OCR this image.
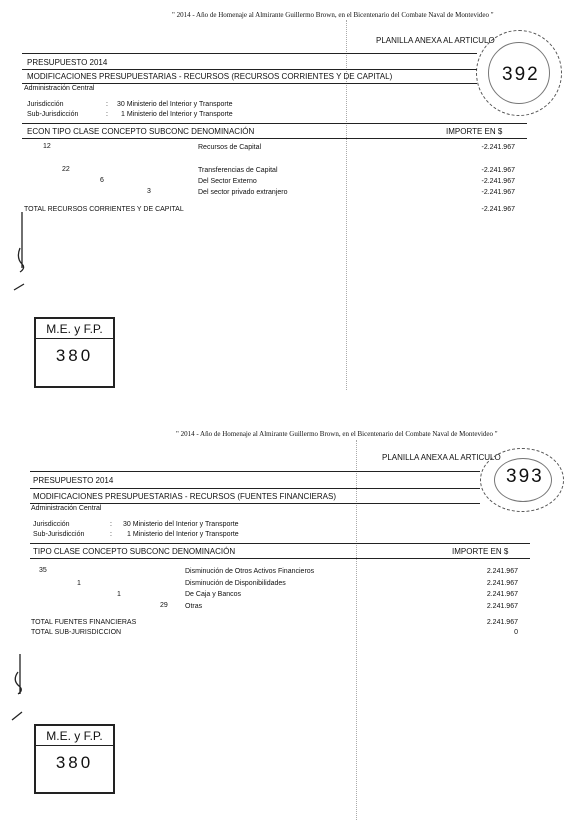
" 2014 - Año de Homenaje al Almirante Guillermo Brown, en el Bicentenario del Combate Naval de Montevideo "
PLANILLA ANEXA AL ARTICULO
392
PRESUPUESTO 2014
MODIFICACIONES PRESUPUESTARIAS - RECURSOS (RECURSOS CORRIENTES Y DE CAPITAL)
Administración Central
Jurisdicción	: 30 Ministerio del Interior y Transporte
Sub-Jurisdicción	: 1 Ministerio del Interior y Transporte
ECON TIPO CLASE CONCEPTO SUBCONC DENOMINACIÓN	IMPORTE EN $
12	Recursos de Capital	-2.241.967
22	Transferencias de Capital	-2.241.967
6	Del Sector Externo	-2.241.967
3	Del sector privado extranjero	-2.241.967
TOTAL RECURSOS CORRIENTES Y DE CAPITAL	-2.241.967
M.E. y F.P.
380
" 2014 - Año de Homenaje al Almirante Guillermo Brown, en el Bicentenario del Combate Naval de Montevideo "
PLANILLA ANEXA AL ARTICULO
393
PRESUPUESTO 2014
MODIFICACIONES PRESUPUESTARIAS - RECURSOS (FUENTES FINANCIERAS)
Administración Central
Jurisdicción	: 30 Ministerio del Interior y Transporte
Sub-Jurisdicción	: 1 Ministerio del Interior y Transporte
TIPO CLASE CONCEPTO SUBCONC DENOMINACIÓN	IMPORTE EN $
35	Disminución de Otros Activos Financieros	2.241.967
1	Disminución de Disponibilidades	2.241.967
1	De Caja y Bancos	2.241.967
29 Otras	2.241.967
TOTAL FUENTES FINANCIERAS	2.241.967
TOTAL SUB-JURISDICCION	0
M.E. y F.P.
380
